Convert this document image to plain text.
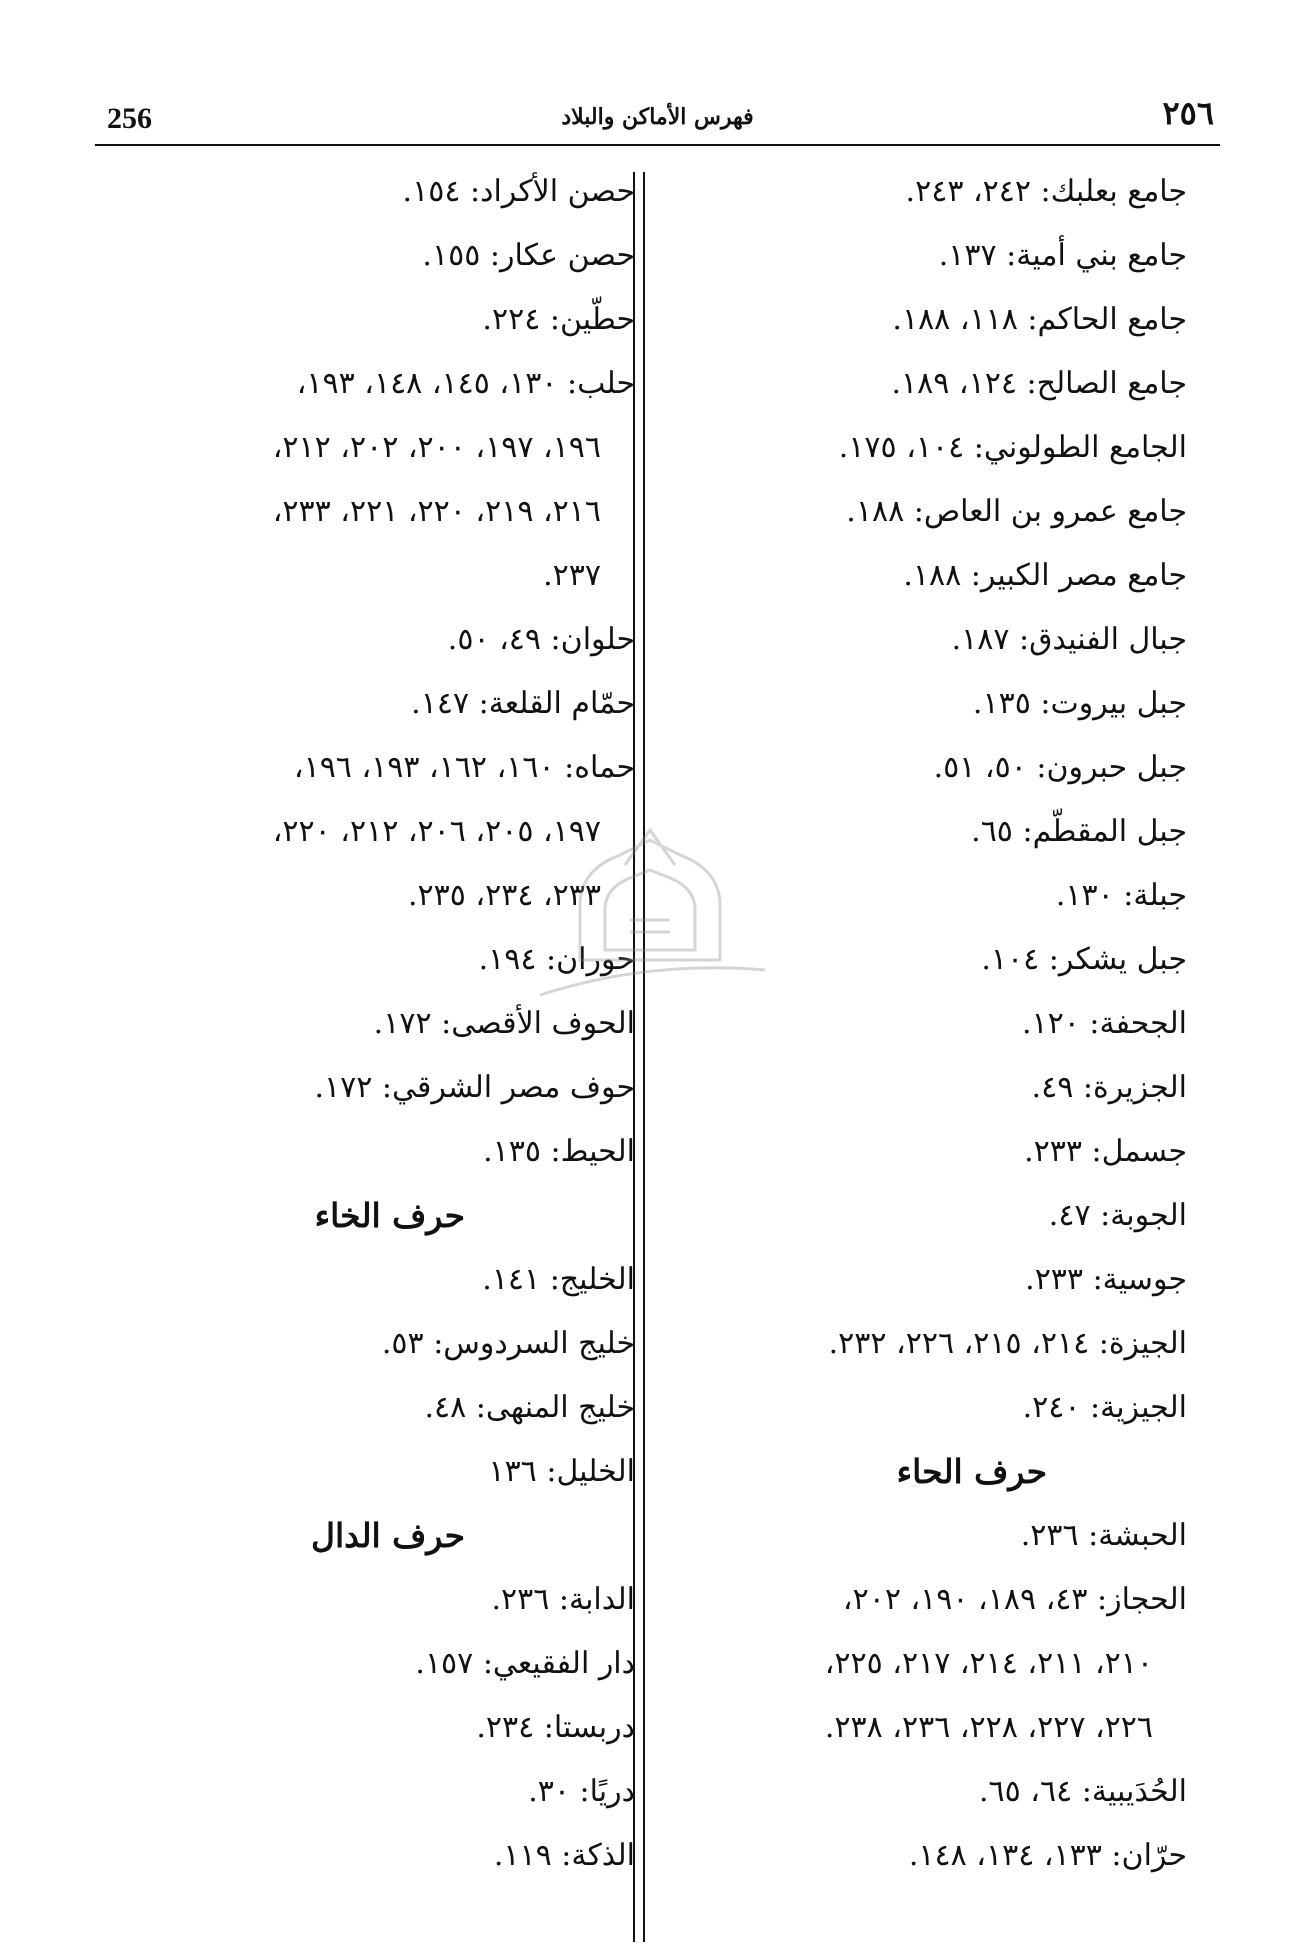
256	فهرس الأماكن والبلاد	٢٥٦
جامع بعلبك: ٢٤٢، ٢٤٣.
جامع بني أمية: ١٣٧.
جامع الحاكم: ١١٨، ١٨٨.
جامع الصالح: ١٢٤، ١٨٩.
الجامع الطولوني: ١٠٤، ١٧٥.
جامع عمرو بن العاص: ١٨٨.
جامع مصر الكبير: ١٨٨.
جبال الفنيدق: ١٨٧.
جبل بيروت: ١٣٥.
جبل حبرون: ٥٠، ٥١.
جبل المقطّم: ٦٥.
جبلة: ١٣٠.
جبل يشكر: ١٠٤.
الجحفة: ١٢٠.
الجزيرة: ٤٩.
جسمل: ٢٣٣.
الجوبة: ٤٧.
جوسية: ٢٣٣.
الجيزة: ٢١٤، ٢١٥، ٢٢٦، ٢٣٢.
الجيزية: ٢٤٠.
حرف الحاء
الحبشة: ٢٣٦.
الحجاز: ٤٣، ١٨٩، ١٩٠، ٢٠٢،
٢١٠، ٢١١، ٢١٤، ٢١٧، ٢٢٥،
٢٢٦، ٢٢٧، ٢٢٨، ٢٣٦، ٢٣٨.
الحُدَيبية: ٦٤، ٦٥.
حرّان: ١٣٣، ١٣٤، ١٤٨.
حصن الأكراد: ١٥٤.
حصن عكار: ١٥٥.
حطّين: ٢٢٤.
حلب: ١٣٠، ١٤٥، ١٤٨، ١٩٣،
١٩٦، ١٩٧، ٢٠٠، ٢٠٢، ٢١٢،
٢١٦، ٢١٩، ٢٢٠، ٢٢١، ٢٣٣،
٢٣٧.
حلوان: ٤٩، ٥٠.
حمّام القلعة: ١٤٧.
حماه: ١٦٠، ١٦٢، ١٩٣، ١٩٦،
١٩٧، ٢٠٥، ٢٠٦، ٢١٢، ٢٢٠،
٢٣٣، ٢٣٤، ٢٣٥.
حوران: ١٩٤.
الحوف الأقصى: ١٧٢.
حوف مصر الشرقي: ١٧٢.
الحيط: ١٣٥.
حرف الخاء
الخليج: ١٤١.
خليج السردوس: ٥٣.
خليج المنهى: ٤٨.
الخليل: ١٣٦
حرف الدال
الدابة: ٢٣٦.
دار الفقيعي: ١٥٧.
دربستا: ٢٣٤.
دريًا: ٣٠.
الذكة: ١١٩.
